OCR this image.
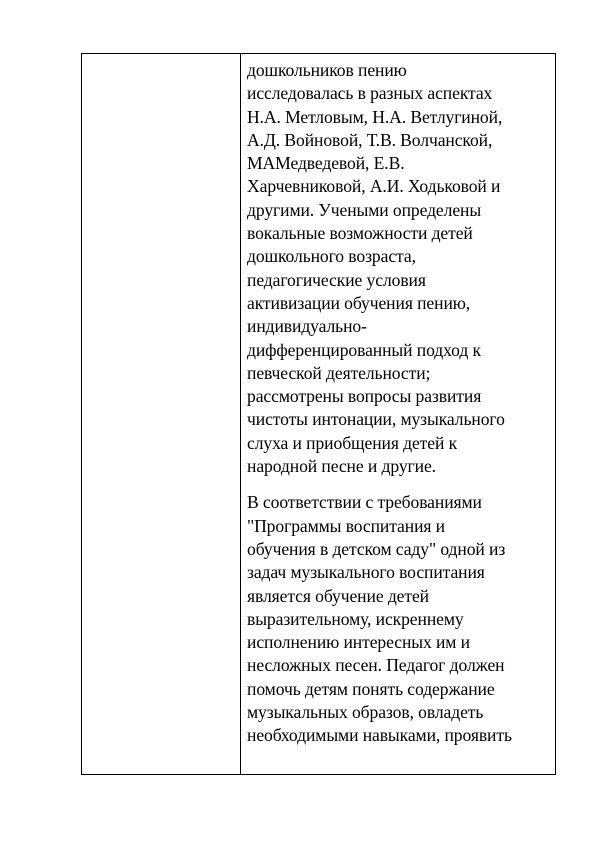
дошкольников пению
исследовалась в разных аспектах
Н.А. Метловым, Н.А. Ветлугиной,
А.Д. Войновой, Т.В. Волчанской,
МАМедведевой, Е.В.
Харчевниковой, А.И. Ходьковой и
другими. Учеными определены
вокальные возможности детей
дошкольного возраста,
педагогические условия
активизации обучения пению,
индивидуально-
дифференцированный подход к
певческой деятельности;
рассмотрены вопросы развития
чистоты интонации, музыкального
слуха и приобщения детей к
народной песне и другие.

В соответствии с требованиями
"Программы воспитания и
обучения в детском саду" одной из
задач музыкального воспитания
является обучение детей
выразительному, искреннему
исполнению интересных им и
несложных песен. Педагог должен
помочь детям понять содержание
музыкальных образов, овладеть
необходимыми навыками, проявить
